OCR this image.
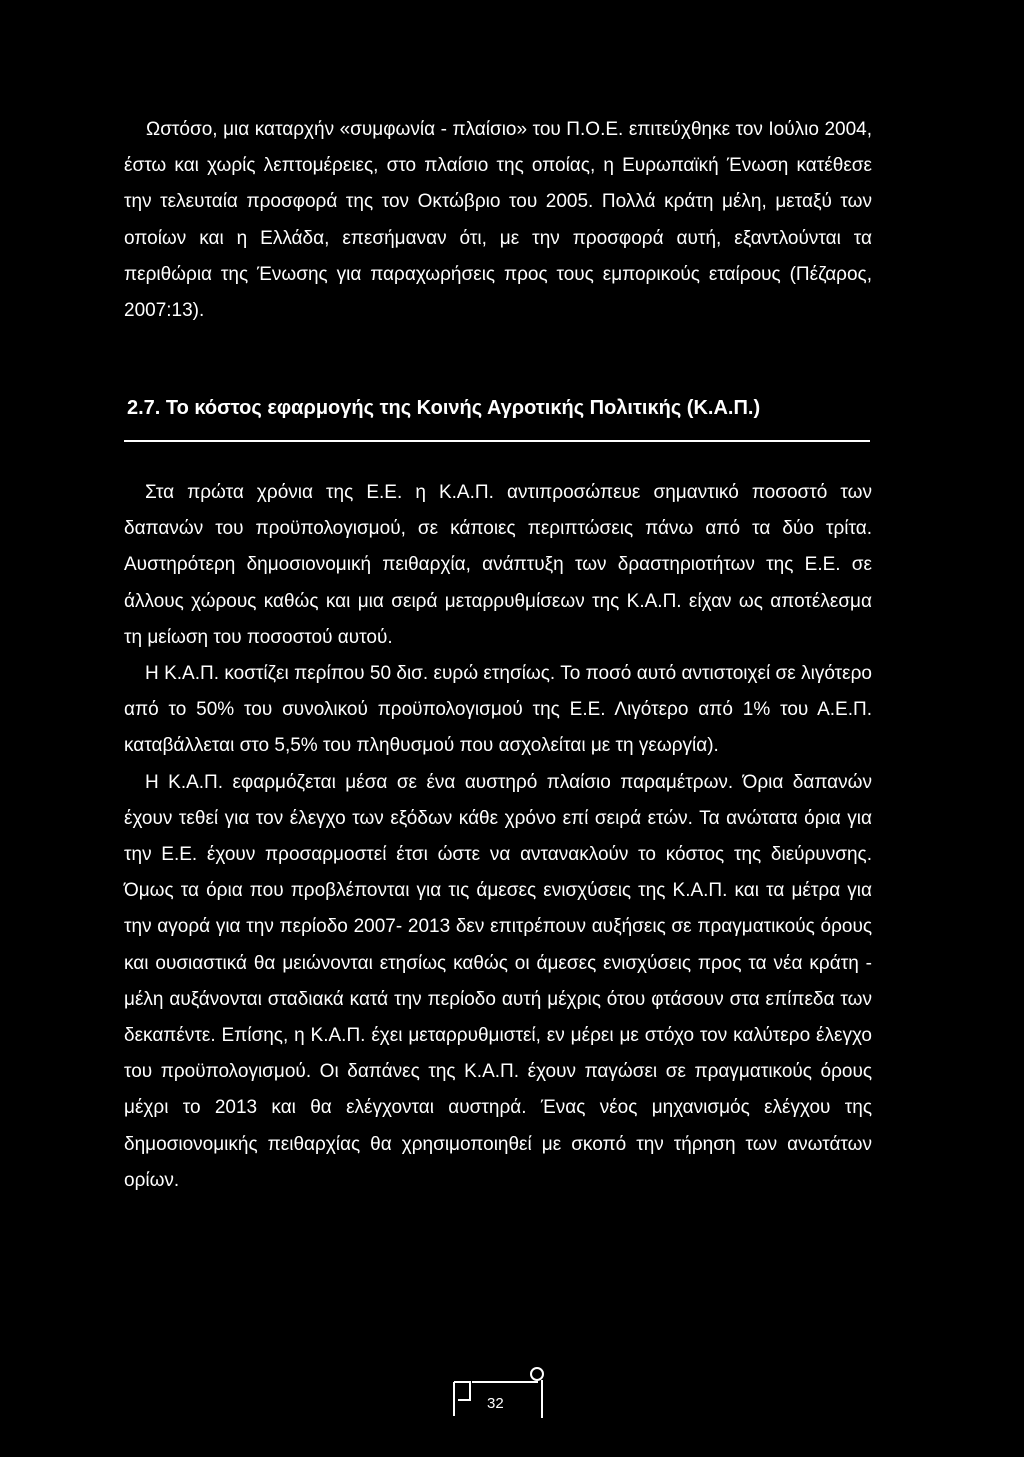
Ωστόσο, μια καταρχήν «συμφωνία - πλαίσιο» του Π.Ο.Ε. επιτεύχθηκε τον Ιούλιο 2004, έστω και χωρίς λεπτομέρειες, στο πλαίσιο της οποίας, η Ευρωπαϊκή Ένωση κατέθεσε την τελευταία προσφορά της τον Οκτώβριο του 2005. Πολλά κράτη μέλη, μεταξύ των οποίων και η Ελλάδα, επεσήμαναν ότι, με την προσφορά αυτή, εξαντλούνται τα περιθώρια της Ένωσης για παραχωρήσεις προς τους εμπορικούς εταίρους (Πέζαρος, 2007:13).

2.7. Το κόστος εφαρμογής της Κοινής Αγροτικής Πολιτικής (Κ.Α.Π.)

Στα πρώτα χρόνια της Ε.Ε. η Κ.Α.Π. αντιπροσώπευε σημαντικό ποσοστό των δαπανών του προϋπολογισμού, σε κάποιες περιπτώσεις πάνω από τα δύο τρίτα. Αυστηρότερη δημοσιονομική πειθαρχία, ανάπτυξη των δραστηριοτήτων της Ε.Ε. σε άλλους χώρους καθώς και μια σειρά μεταρρυθμίσεων της Κ.Α.Π. είχαν ως αποτέλεσμα τη μείωση του ποσοστού αυτού.

Η Κ.Α.Π. κοστίζει περίπου 50 δισ. ευρώ ετησίως. Το ποσό αυτό αντιστοιχεί σε λιγότερο από το 50% του συνολικού προϋπολογισμού της Ε.Ε. Λιγότερο από 1% του Α.Ε.Π. καταβάλλεται στο 5,5% του πληθυσμού που ασχολείται με τη γεωργία).

Η Κ.Α.Π. εφαρμόζεται μέσα σε ένα αυστηρό πλαίσιο παραμέτρων. Όρια δαπανών έχουν τεθεί για τον έλεγχο των εξόδων κάθε χρόνο επί σειρά ετών. Τα ανώτατα όρια για την Ε.Ε. έχουν προσαρμοστεί έτσι ώστε να αντανακλούν το κόστος της διεύρυνσης. Όμως τα όρια που προβλέπονται για τις άμεσες ενισχύσεις της Κ.Α.Π. και τα μέτρα για την αγορά για την περίοδο 2007- 2013 δεν επιτρέπουν αυξήσεις σε πραγματικούς όρους και ουσιαστικά θα μειώνονται ετησίως καθώς οι άμεσες ενισχύσεις προς τα νέα κράτη - μέλη αυξάνονται σταδιακά κατά την περίοδο αυτή μέχρις ότου φτάσουν στα επίπεδα των δεκαπέντε. Επίσης, η Κ.Α.Π. έχει μεταρρυθμιστεί, εν μέρει με στόχο τον καλύτερο έλεγχο του προϋπολογισμού. Οι δαπάνες της Κ.Α.Π. έχουν παγώσει σε πραγματικούς όρους μέχρι το 2013 και θα ελέγχονται αυστηρά. Ένας νέος μηχανισμός ελέγχου της δημοσιονομικής πειθαρχίας θα χρησιμοποιηθεί με σκοπό την τήρηση των ανωτάτων ορίων.

32
